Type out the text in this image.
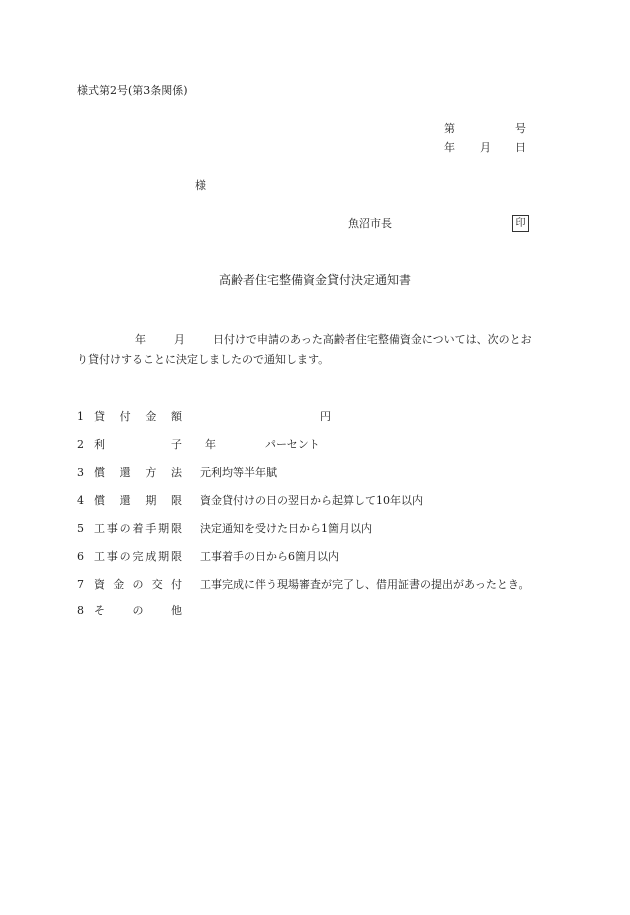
様式第2号(第3条関係)
第	号
年 月 日
様
魚沼市長	印
高齢者住宅整備資金貸付決定通知書
年	月	日付けで申請のあった高齢者住宅整備資金については、次のとお
り貸付けすることに決定しましたので通知します。
1 貸付金額	円
2 利	子 年	パーセント
3 償還方法 元利均等半年賦
4 償還期限 資金貸付けの日の翌日から起算して10年以内
5 工事の着手期限 決定通知を受けた日から1箇月以内
6 工事の完成期限 工事着手の日から6箇月以内
7 資金の交付 工事完成に伴う現場審査が完了し、借用証書の提出があったとき。
8 その他
